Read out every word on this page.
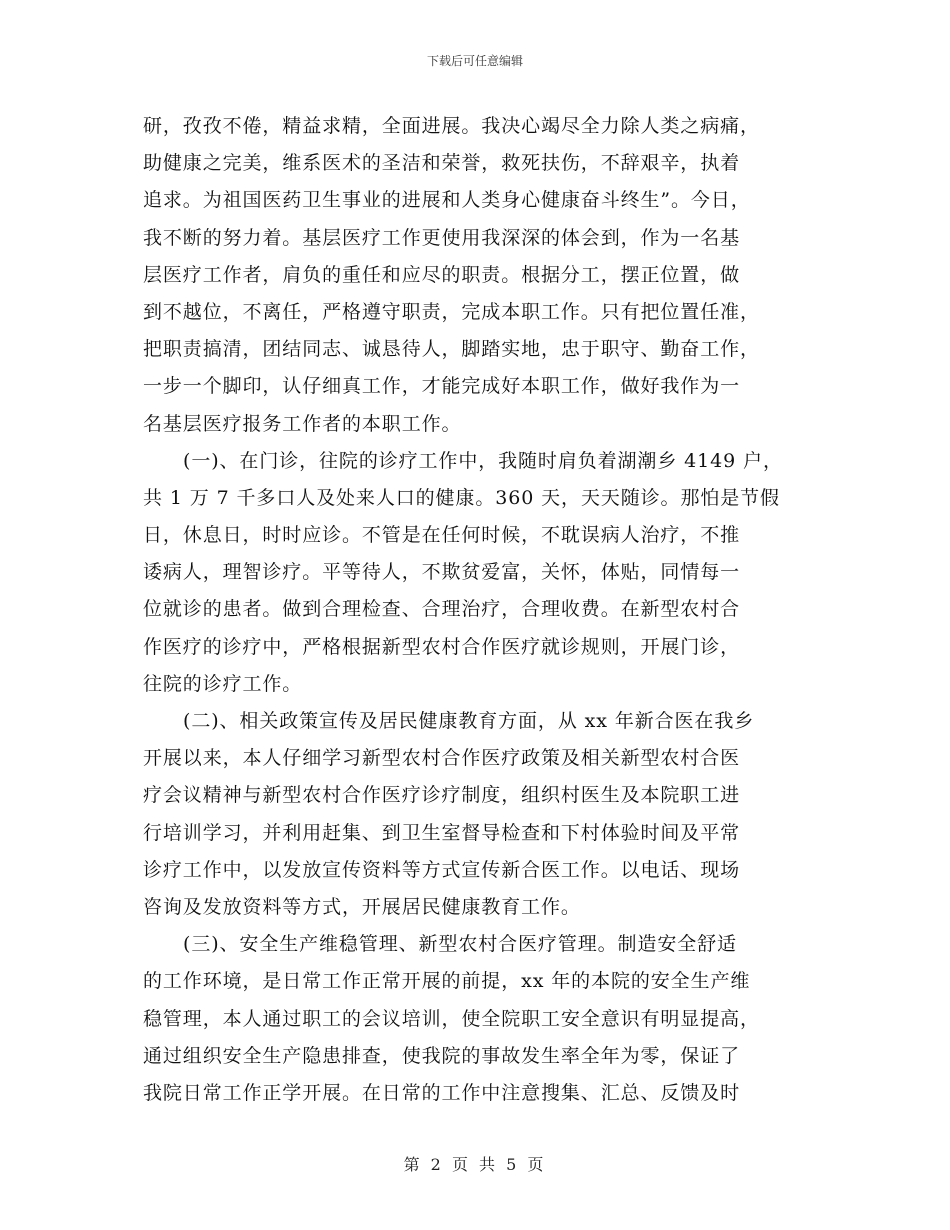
下载后可任意编辑
研，孜孜不倦，精益求精，全面进展。我决心竭尽全力除人类之病痛，
助健康之完美，维系医术的圣洁和荣誉，救死扶伤，不辞艰辛，执着
追求。为祖国医药卫生事业的进展和人类身心健康奋斗终生”。今日，
我不断的努力着。基层医疗工作更使用我深深的体会到，作为一名基
层医疗工作者，肩负的重任和应尽的职责。根据分工，摆正位置，做
到不越位，不离任，严格遵守职责，完成本职工作。只有把位置任准，
把职责搞清，团结同志、诚恳待人，脚踏实地，忠于职守、勤奋工作，
一步一个脚印，认仔细真工作，才能完成好本职工作，做好我作为一
名基层医疗报务工作者的本职工作。
(一)、在门诊，往院的诊疗工作中，我随时肩负着湖潮乡 4149 户，
共 1 万 7 千多口人及处来人口的健康。360 天，天天随诊。那怕是节假
日，休息日，时时应诊。不管是在任何时候，不耽误病人治疗，不推
诿病人，理智诊疗。平等待人，不欺贫爱富，关怀，体贴，同情每一
位就诊的患者。做到合理检查、合理治疗，合理收费。在新型农村合
作医疗的诊疗中，严格根据新型农村合作医疗就诊规则，开展门诊，
往院的诊疗工作。
(二)、相关政策宣传及居民健康教育方面，从 xx 年新合医在我乡
开展以来，本人仔细学习新型农村合作医疗政策及相关新型农村合医
疗会议精神与新型农村合作医疗诊疗制度，组织村医生及本院职工进
行培训学习，并利用赶集、到卫生室督导检查和下村体验时间及平常
诊疗工作中，以发放宣传资料等方式宣传新合医工作。以电话、现场
咨询及发放资料等方式，开展居民健康教育工作。
(三)、安全生产维稳管理、新型农村合医疗管理。制造安全舒适
的工作环境，是日常工作正常开展的前提，xx 年的本院的安全生产维
稳管理，本人通过职工的会议培训，使全院职工安全意识有明显提高，
通过组织安全生产隐患排查，使我院的事故发生率全年为零，保证了
我院日常工作正学开展。在日常的工作中注意搜集、汇总、反馈及时
第 2 页 共 5 页
